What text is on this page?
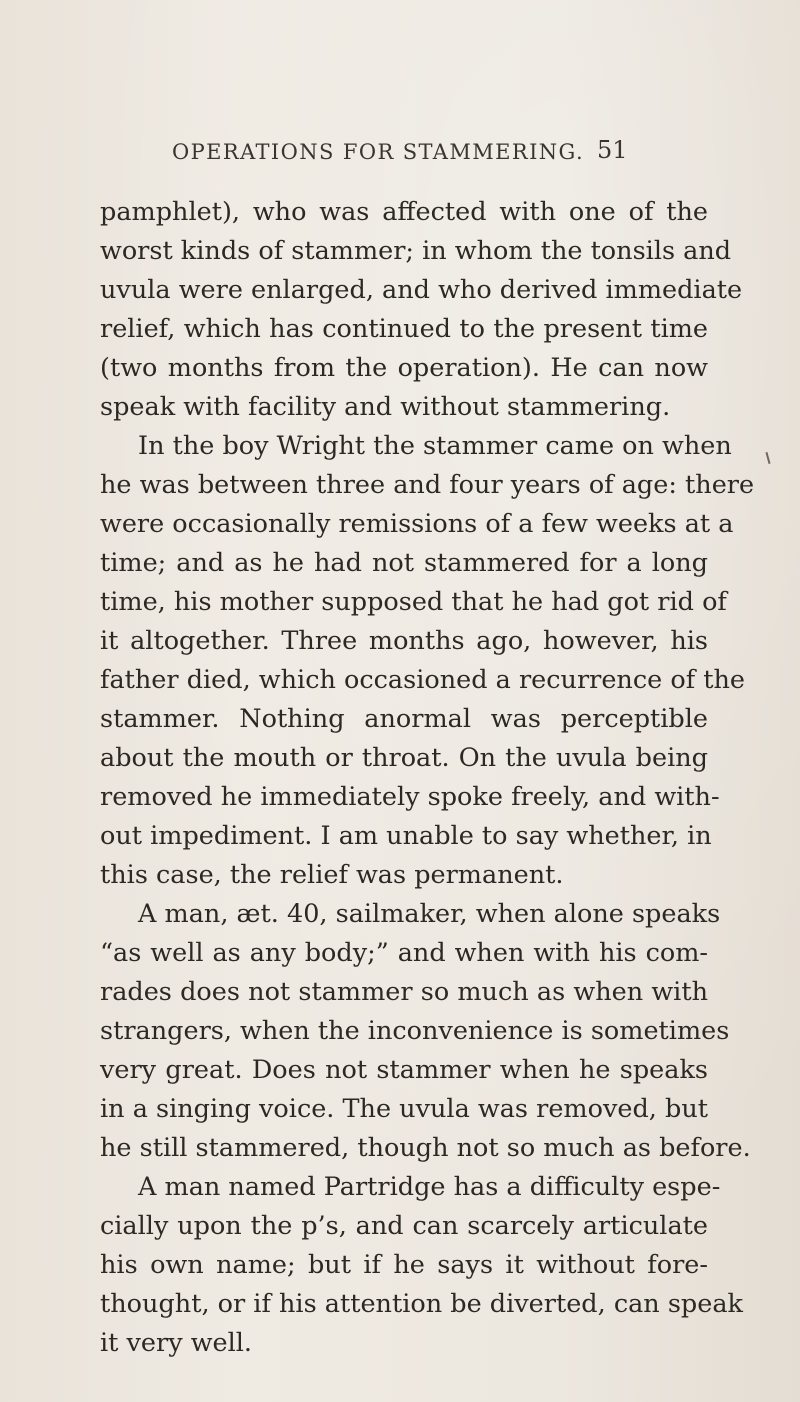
OPERATIONS FOR STAMMERING. 51
pamphlet), who was affected with one of the
worst kinds of stammer; in whom the tonsils and
uvula were enlarged, and who derived immediate
relief, which has continued to the present time
(two months from the operation). He can now
speak with facility and without stammering.
In the boy Wright the stammer came on when
he was between three and four years of age: there
were occasionally remissions of a few weeks at a
time; and as he had not stammered for a long
time, his mother supposed that he had got rid of
it altogether. Three months ago, however, his
father died, which occasioned a recurrence of the
stammer. Nothing anormal was perceptible
about the mouth or throat. On the uvula being
removed he immediately spoke freely, and with-
out impediment. I am unable to say whether, in
this case, the relief was permanent.
A man, æt. 40, sailmaker, when alone speaks
“as well as any body;” and when with his com-
rades does not stammer so much as when with
strangers, when the inconvenience is sometimes
very great. Does not stammer when he speaks
in a singing voice. The uvula was removed, but
he still stammered, though not so much as before.
A man named Partridge has a difficulty espe-
cially upon the p’s, and can scarcely articulate
his own name; but if he says it without fore-
thought, or if his attention be diverted, can speak
it very well.
